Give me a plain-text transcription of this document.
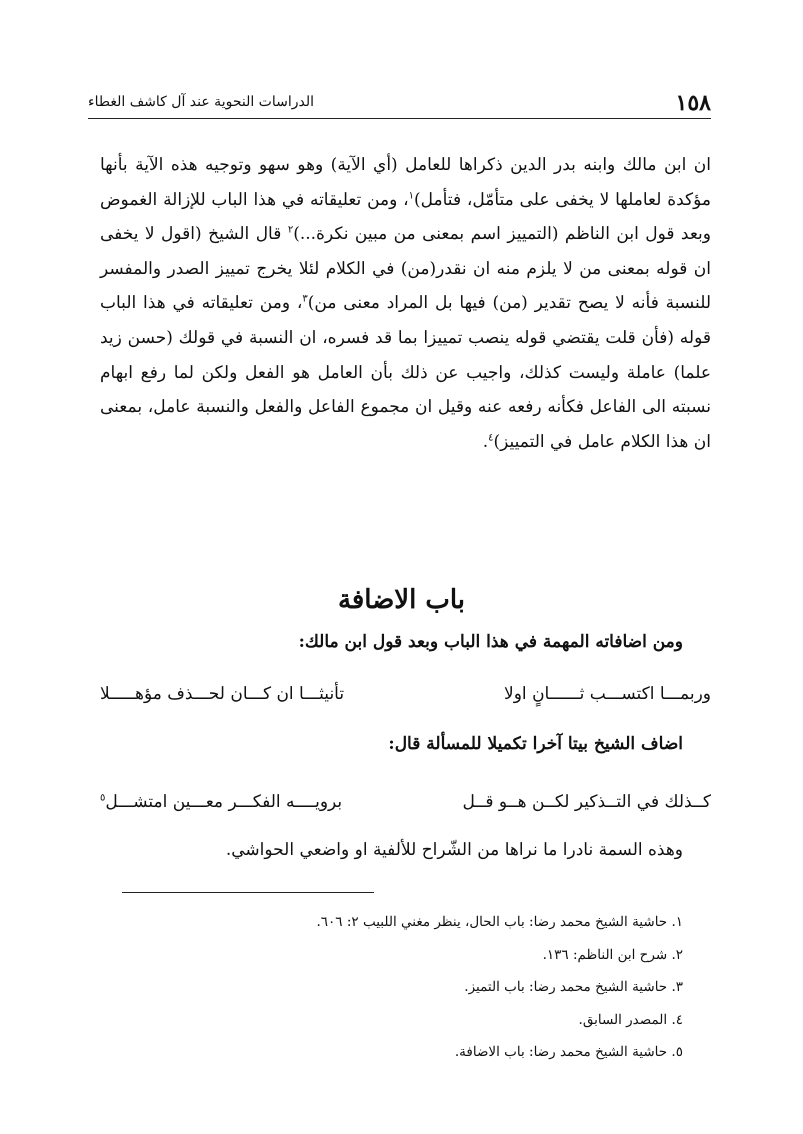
١٥٨
الدراسات النحوية عند آل كاشف الغطاء

ان ابن مالك وابنه بدر الدين ذكراها للعامل (أي الآية) وهو سهو وتوجيه هذه الآية بأنها مؤكدة لعاملها لا يخفى على متأمّل، فتأمل)$^١$، ومن تعليقاته في هذا الباب للإزالة الغموض وبعد قول ابن الناظم (التمييز اسم بمعنى من مبين نكرة...)$^٢$ قال الشيخ (اقول لا يخفى ان قوله بمعنى من لا يلزم منه ان نقدر(من) في الكلام لئلا يخرج تمييز الصدر والمفسر للنسبة فأنه لا يصح تقدير (من) فيها بل المراد معنى من)$^٣$، ومن تعليقاته في هذا الباب قوله (فأن قلت يقتضي قوله ينصب تمييزا بما قد فسره، ان النسبة في قولك (حسن زيد علما) عاملة وليست كذلك، واجيب عن ذلك بأن العامل هو الفعل ولكن لما رفع ابهام نسبته الى الفاعل فكأنه رفعه عنه وقيل ان مجموع الفاعل والفعل والنسبة عامل، بمعنى ان هذا الكلام عامل في التمييز)$^٤$.

باب الاضافة
ومن اضافاته المهمة في هذا الباب وبعد قول ابن مالك:
وربمـــا اكتســـب ثــــــانٍ اولا
تأنيثـــا ان كـــان لحـــذف مؤهـــــلا
اضاف الشيخ بيتا آخرا تكميلا للمسألة قال:
كــذلك في التــذكير لكــن هــو قــل
برويــــه الفكـــر معـــين امتشـــل$^٥$
وهذه السمة نادرا ما نراها من الشّراح للألفية او واضعي الحواشي.
١. حاشية الشيخ محمد رضا: باب الحال، ينظر مغني اللبيب ٢: ٦٠٦.
٢. شرح ابن الناظم: ١٣٦.
٣. حاشية الشيخ محمد رضا: باب التميز.
٤. المصدر السابق.
٥. حاشية الشيخ محمد رضا: باب الاضافة.
